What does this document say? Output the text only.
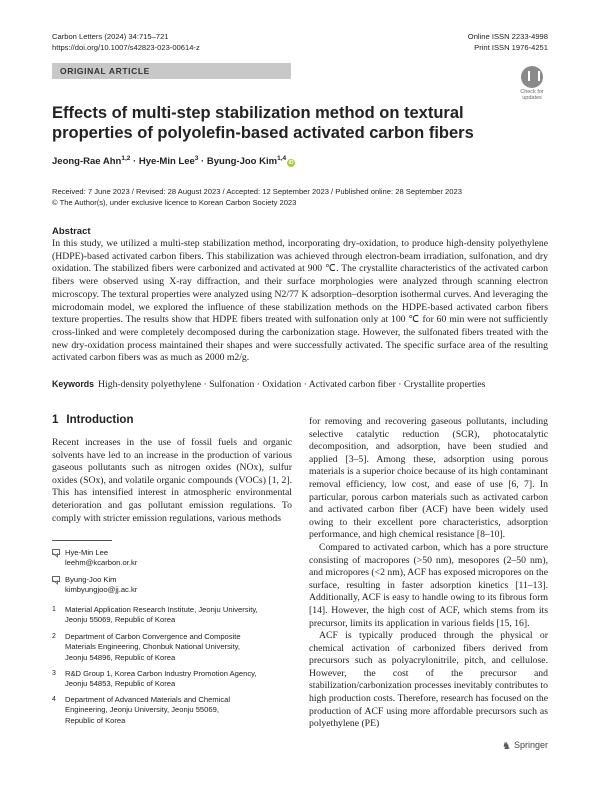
Carbon Letters (2024) 34:715–721
https://doi.org/10.1007/s42823-023-00614-z
Online ISSN 2233-4998
Print ISSN 1976-4251
ORIGINAL ARTICLE
Check for
updates
Effects of multi-step stabilization method on textural properties of polyolefin-based activated carbon fibers
Jeong-Rae Ahn$^{1,2}$ · Hye-Min Lee$^3$ · Byung-Joo Kim$^{1,4}$iD
Received: 7 June 2023 / Revised: 28 August 2023 / Accepted: 12 September 2023 / Published online: 28 September 2023
© The Author(s), under exclusive licence to Korean Carbon Society 2023
Abstract

In this study, we utilized a multi-step stabilization method, incorporating dry-oxidation, to produce high-density polyethylene (HDPE)-based activated carbon fibers. This stabilization was achieved through electron-beam irradiation, sulfonation, and dry oxidation. The stabilized fibers were carbonized and activated at 900 ℃. The crystallite characteristics of the activated carbon fibers were observed using X-ray diffraction, and their surface morphologies were analyzed through scanning electron microscopy. The textural properties were analyzed using N2/77 K adsorption–desorption isothermal curves. And leveraging the microdomain model, we explored the influence of these stabilization methods on the HDPE-based activated carbon fibers texture properties. The results show that HDPE fibers treated with sulfonation only at 100 ℃ for 60 min were not sufficiently cross-linked and were completely decomposed during the carbonization stage. However, the sulfonated fibers treated with the new dry-oxidation process maintained their shapes and were successfully activated. The specific surface area of the resulting activated carbon fibers was as much as 2000 m2/g.

Keywords High-density polyethylene · Sulfonation · Oxidation · Activated carbon fiber · Crystallite properties
1 Introduction

Recent increases in the use of fossil fuels and organic solvents have led to an increase in the production of various gaseous pollutants such as nitrogen oxides (NOx), sulfur oxides (SOx), and volatile organic compounds (VOCs) [1, 2]. This has intensified interest in atmospheric environmental deterioration and gas pollutant emission regulations. To comply with stricter emission regulations, various methods

for removing and recovering gaseous pollutants, including selective catalytic reduction (SCR), photocatalytic decomposition, and adsorption, have been studied and applied [3–5]. Among these, adsorption using porous materials is a superior choice because of its high contaminant removal efficiency, low cost, and ease of use [6, 7]. In particular, porous carbon materials such as activated carbon and activated carbon fiber (ACF) have been widely used owing to their excellent pore characteristics, adsorption performance, and high chemical resistance [8–10].

Compared to activated carbon, which has a pore structure consisting of macropores (>50 nm), mesopores (2–50 nm), and micropores (<2 nm), ACF has exposed micropores on the surface, resulting in faster adsorption kinetics [11–13]. Additionally, ACF is easy to handle owing to its fibrous form [14]. However, the high cost of ACF, which stems from its precursor, limits its application in various fields [15, 16].

ACF is typically produced through the physical or chemical activation of carbonized fibers derived from precursors such as polyacrylonitrile, pitch, and cellulose. However, the cost of the precursor and stabilization/carbonization processes inevitably contributes to high production costs. Therefore, research has focused on the production of ACF using more affordable precursors such as polyethylene (PE)

Hye-Min Lee
leehm@kcarbon.or.kr
Byung-Joo Kim
kimbyungjoo@jj.ac.kr
1 Material Application Research Institute, Jeonju University,
Jeonju 55069, Republic of Korea
2 Department of Carbon Convergence and Composite
Materials Engineering, Chonbuk National University,
Jeonju 54896, Republic of Korea
3 R&D Group 1, Korea Carbon Industry Promotion Agency,
Jeonju 54853, Republic of Korea
4 Department of Advanced Materials and Chemical
Engineering, Jeonju University, Jeonju 55069,
Republic of Korea
♞ Springer
